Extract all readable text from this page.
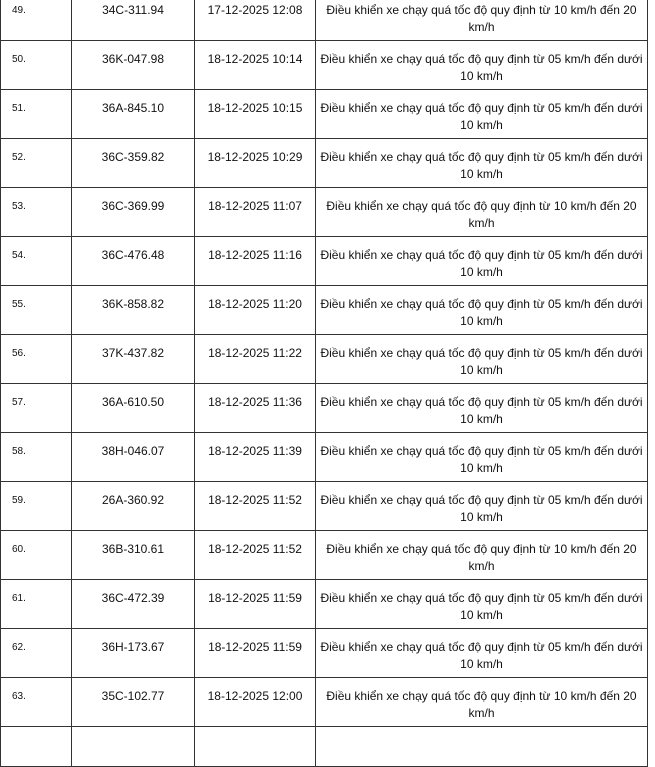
49.	34C-311.94	17-12-2025 12:08	Điều khiển xe chạy quá tốc độ quy định từ 10 km/h đến 20 km/h
50.	36K-047.98	18-12-2025 10:14	Điều khiển xe chạy quá tốc độ quy định từ 05 km/h đến dưới 10 km/h
51.	36A-845.10	18-12-2025 10:15	Điều khiển xe chạy quá tốc độ quy định từ 05 km/h đến dưới 10 km/h
52.	36C-359.82	18-12-2025 10:29	Điều khiển xe chạy quá tốc độ quy định từ 05 km/h đến dưới 10 km/h
53.	36C-369.99	18-12-2025 11:07	Điều khiển xe chạy quá tốc độ quy định từ 10 km/h đến 20 km/h
54.	36C-476.48	18-12-2025 11:16	Điều khiển xe chạy quá tốc độ quy định từ 05 km/h đến dưới 10 km/h
55.	36K-858.82	18-12-2025 11:20	Điều khiển xe chạy quá tốc độ quy định từ 05 km/h đến dưới 10 km/h
56.	37K-437.82	18-12-2025 11:22	Điều khiển xe chạy quá tốc độ quy định từ 05 km/h đến dưới 10 km/h
57.	36A-610.50	18-12-2025 11:36	Điều khiển xe chạy quá tốc độ quy định từ 05 km/h đến dưới 10 km/h
58.	38H-046.07	18-12-2025 11:39	Điều khiển xe chạy quá tốc độ quy định từ 05 km/h đến dưới 10 km/h
59.	26A-360.92	18-12-2025 11:52	Điều khiển xe chạy quá tốc độ quy định từ 05 km/h đến dưới 10 km/h
60.	36B-310.61	18-12-2025 11:52	Điều khiển xe chạy quá tốc độ quy định từ 10 km/h đến 20 km/h
61.	36C-472.39	18-12-2025 11:59	Điều khiển xe chạy quá tốc độ quy định từ 05 km/h đến dưới 10 km/h
62.	36H-173.67	18-12-2025 11:59	Điều khiển xe chạy quá tốc độ quy định từ 05 km/h đến dưới 10 km/h
63.	35C-102.77	18-12-2025 12:00	Điều khiển xe chạy quá tốc độ quy định từ 10 km/h đến 20 km/h
